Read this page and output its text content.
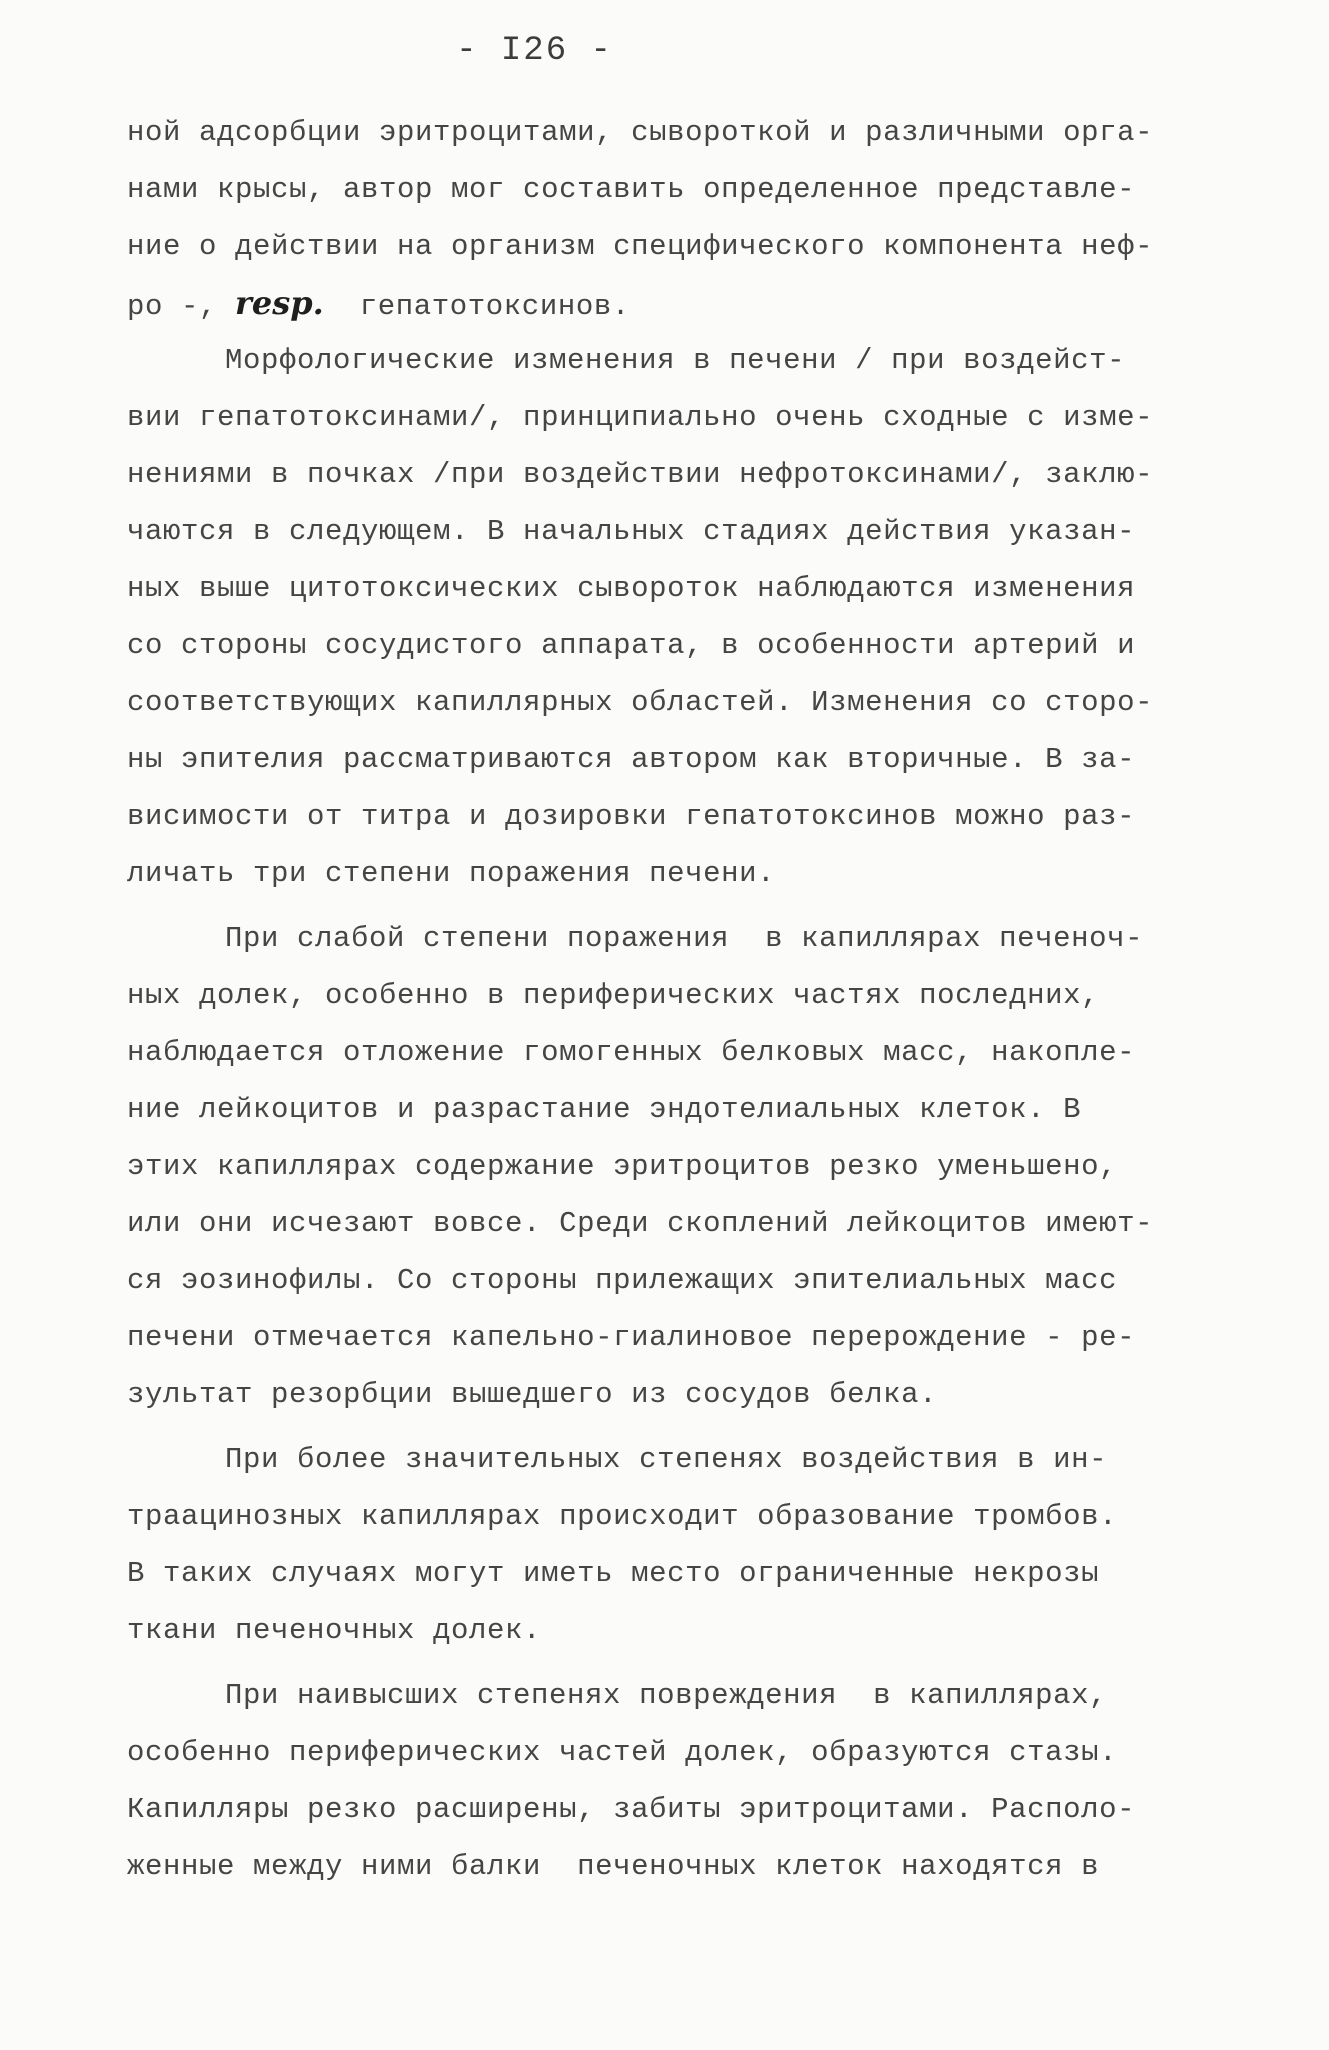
- I26 -
ной адсорбции эритроцитами, сывороткой и различными орга-
нами крысы, автор мог составить определенное представле-
ние о действии на организм специфического компонента неф-
ро -, resp.  гепатотоксинов.
Морфологические изменения в печени / при воздейст-
вии гепатотоксинами/, принципиально очень сходные с изме-
нениями в почках /при воздействии нефротоксинами/, заклю-
чаются в следующем. В начальных стадиях действия указан-
ных выше цитотоксических сывороток наблюдаются изменения
со стороны сосудистого аппарата, в особенности артерий и
соответствующих капиллярных областей. Изменения со сторо-
ны эпителия рассматриваются автором как вторичные. В за-
висимости от титра и дозировки гепатотоксинов можно раз-
личать три степени поражения печени.
При слабой степени поражения  в капиллярах печеноч-
ных долек, особенно в периферических частях последних,
наблюдается отложение гомогенных белковых масс, накопле-
ние лейкоцитов и разрастание эндотелиальных клеток. В
этих капиллярах содержание эритроцитов резко уменьшено,
или они исчезают вовсе. Среди скоплений лейкоцитов имеют-
ся эозинофилы. Со стороны прилежащих эпителиальных масс
печени отмечается капельно-гиалиновое перерождение - ре-
зультат резорбции вышедшего из сосудов белка.
При более значительных степенях воздействия в ин-
трaацинозных капиллярах происходит образование тромбов.
В таких случаях могут иметь место ограниченные некрозы
ткани печеночных долек.
При наивысших степенях повреждения  в капиллярах,
особенно периферических частей долек, образуются стазы.
Капилляры резко расширены, забиты эритроцитами. Располо-
женные между ними балки  печеночных клеток находятся в
